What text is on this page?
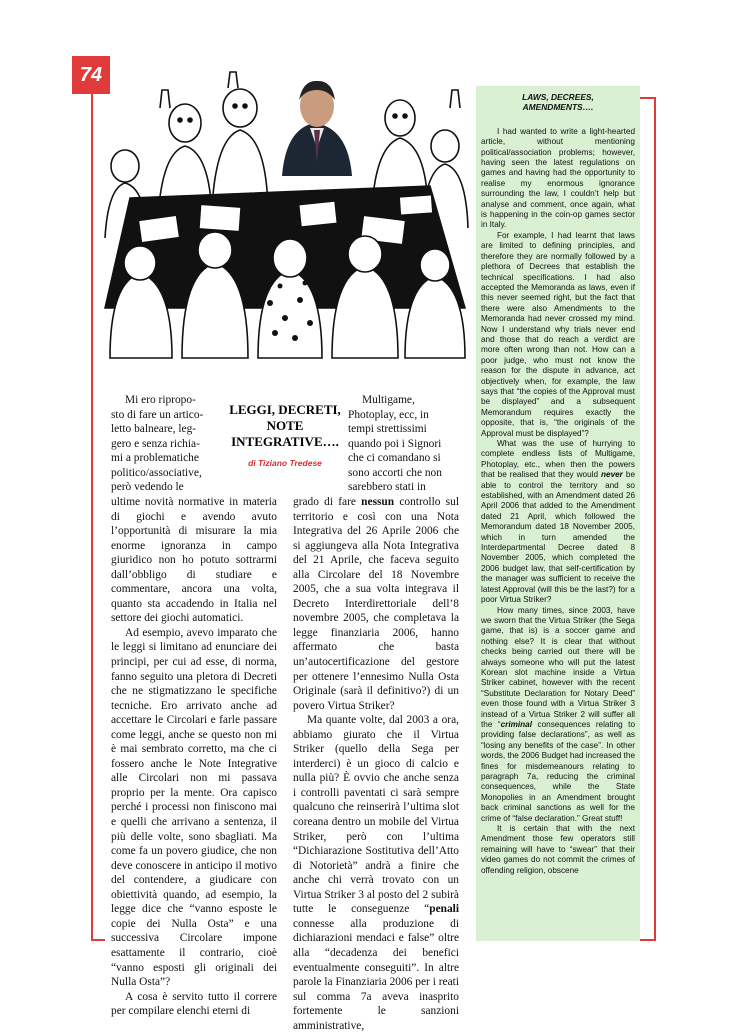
74
LAWS, DECREES,
AMENDMENTS….

I had wanted to write a light-hearted article, without mentioning political/association problems; however, having seen the latest regulations on games and having had the opportunity to realise my enormous ignorance surrounding the law, I couldn’t help but analyse and comment, once again, what is happening in the coin-op games sector in Italy.

For example, I had learnt that laws are limited to defining principles, and therefore they are normally followed by a plethora of Decrees that establish the technical specifications. I had also accepted the Memoranda as laws, even if this never seemed right, but the fact that there were also Amendments to the Memoranda had never crossed my mind. Now I understand why trials never end and those that do reach a verdict are more often wrong than not. How can a poor judge, who must not know the reason for the dispute in advance, act objectively when, for example, the law says that “the copies of the Approval must be displayed” and a subsequent Memorandum requires exactly the opposite, that is, “the originals of the Approval must be displayed”?

What was the use of hurrying to complete endless lists of Multigame, Photoplay, etc., when then the powers that be realised that they would never be able to control the territory and so established, with an Amendment dated 26 April 2006 that added to the Amendment dated 21 April, which followed the Memorandum dated 18 November 2005, which in turn amended the Interdepartmental Decree dated 8 November 2005, which completed the 2006 budget law, that self-certification by the manager was sufficient to receive the latest Approval (will this be the last?) for a poor Virtua Striker?

How many times, since 2003, have we sworn that the Virtua Striker (the Sega game, that is) is a soccer game and nothing else? It is clear that without checks being carried out there will be always someone who will put the latest Korean slot machine inside a Virtua Striker cabinet, however with the recent “Substitute Declaration for Notary Deed” even those found with a Virtua Striker 3 instead of a Virtua Striker 2 will suffer all the “criminal consequences relating to providing false declarations”, as well as “losing any benefits of the case”. In other words, the 2006 Budget had increased the fines for misdemeanours relating to paragraph 7a, reducing the criminal consequences, while the State Monopolies in an Amendment brought back criminal sanctions as well for the crime of “false declaration.” Great stuff!

It is certain that with the next Amendment those few operators still remaining will have to “swear” that their video games do not commit the crimes of offending religion, obscene

LEGGI, DECRETI,
NOTE
INTEGRATIVE….
di Tiziano Tredese
Mi ero ripropo-
sto di fare un artico-
letto balneare, leg-
gero e senza richia-
mi a problematiche
politico/associative,
però vedendo le

ultime novità normative in materia di giochi e avendo avuto l’opportunità di misurare la mia enorme ignoranza in campo giuridico non ho potuto sottrarmi dall’obbligo di studiare e commentare, ancora una volta, quanto sta accadendo in Italia nel settore dei giochi automatici.

Ad esempio, avevo imparato che le leggi si limitano ad enunciare dei principi, per cui ad esse, di norma, fanno seguito una pletora di Decreti che ne stigmatizzano le specifiche tecniche. Ero arrivato anche ad accettare le Circolari e farle passare come leggi, anche se questo non mi è mai sembrato corretto, ma che ci fossero anche le Note Integrative alle Circolari non mi passava proprio per la mente. Ora capisco perché i processi non finiscono mai e quelli che arrivano a sentenza, il più delle volte, sono sbagliati. Ma come fa un povero giudice, che non deve conoscere in anticipo il motivo del contendere, a giudicare con obiettività quando, ad esempio, la legge dice che “vanno esposte le copie dei Nulla Osta” e una successiva Circolare impone esattamente il contrario, cioè “vanno esposti gli originali dei Nulla Osta”?

A cosa è servito tutto il correre per compilare elenchi eterni di

Multigame,
Photoplay, ecc, in
tempi strettissimi
quando poi i Signori
che ci comandano si
sono accorti che non
sarebbero stati in

grado di fare nessun controllo sul territorio e così con una Nota Integrativa del 26 Aprile 2006 che si aggiungeva alla Nota Integrativa del 21 Aprile, che faceva seguito alla Circolare del 18 Novembre 2005, che a sua volta integrava il Decreto Interdirettoriale dell’8 novembre 2005, che completava la legge finanziaria 2006, hanno affermato che basta un’autocertificazione del gestore per ottenere l’ennesimo Nulla Osta Originale (sarà il definitivo?) di un povero Virtua Striker?

Ma quante volte, dal 2003 a ora, abbiamo giurato che il Virtua Striker (quello della Sega per interderci) è un gioco di calcio e nulla più? È ovvio che anche senza i controlli paventati ci sarà sempre qualcuno che reinserirà l’ultima slot coreana dentro un mobile del Virtua Striker, però con l’ultima “Dichiarazione Sostitutiva dell’Atto di Notorietà” andrà a finire che anche chi verrà trovato con un Virtua Striker 3 al posto del 2 subirà tutte le conseguenze “penali connesse alla produzione di dichiarazioni mendaci e false” oltre alla “decadenza dei benefici eventualmente conseguiti”. In altre parole la Finanziaria 2006 per i reati sul comma 7a aveva inasprito fortemente le sanzioni amministrative,
